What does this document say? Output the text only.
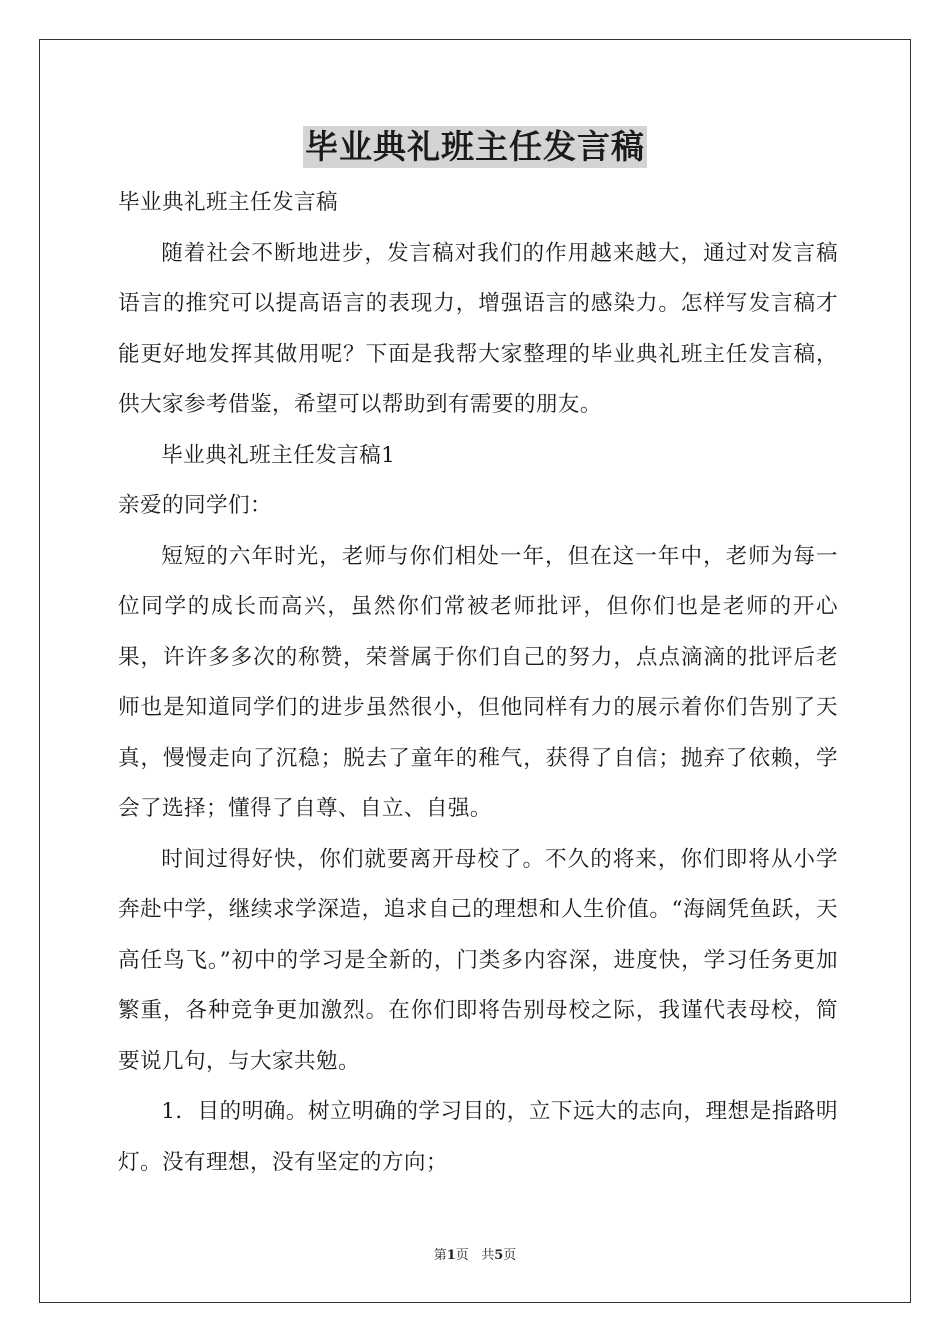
毕业典礼班主任发言稿

毕业典礼班主任发言稿

随着社会不断地进步，发言稿对我们的作用越来越大，通过对发言稿语言的推究可以提高语言的表现力，增强语言的感染力。怎样写发言稿才能更好地发挥其做用呢？下面是我帮大家整理的毕业典礼班主任发言稿，供大家参考借鉴，希望可以帮助到有需要的朋友。

毕业典礼班主任发言稿1

亲爱的同学们：

短短的六年时光，老师与你们相处一年，但在这一年中，老师为每一位同学的成长而高兴，虽然你们常被老师批评，但你们也是老师的开心果，许许多多次的称赞，荣誉属于你们自己的努力，点点滴滴的批评后老师也是知道同学们的进步虽然很小，但他同样有力的展示着你们告别了天真，慢慢走向了沉稳；脱去了童年的稚气，获得了自信；抛弃了依赖，学会了选择；懂得了自尊、自立、自强。

时间过得好快，你们就要离开母校了。不久的将来，你们即将从小学奔赴中学，继续求学深造，追求自己的理想和人生价值。“海阔凭鱼跃，天高任鸟飞。”初中的学习是全新的，门类多内容深，进度快，学习任务更加繁重，各种竞争更加激烈。在你们即将告别母校之际，我谨代表母校，简要说几句，与大家共勉。

1．目的明确。树立明确的学习目的，立下远大的志向，理想是指路明灯。没有理想，没有坚定的方向；

第1页 共5页
